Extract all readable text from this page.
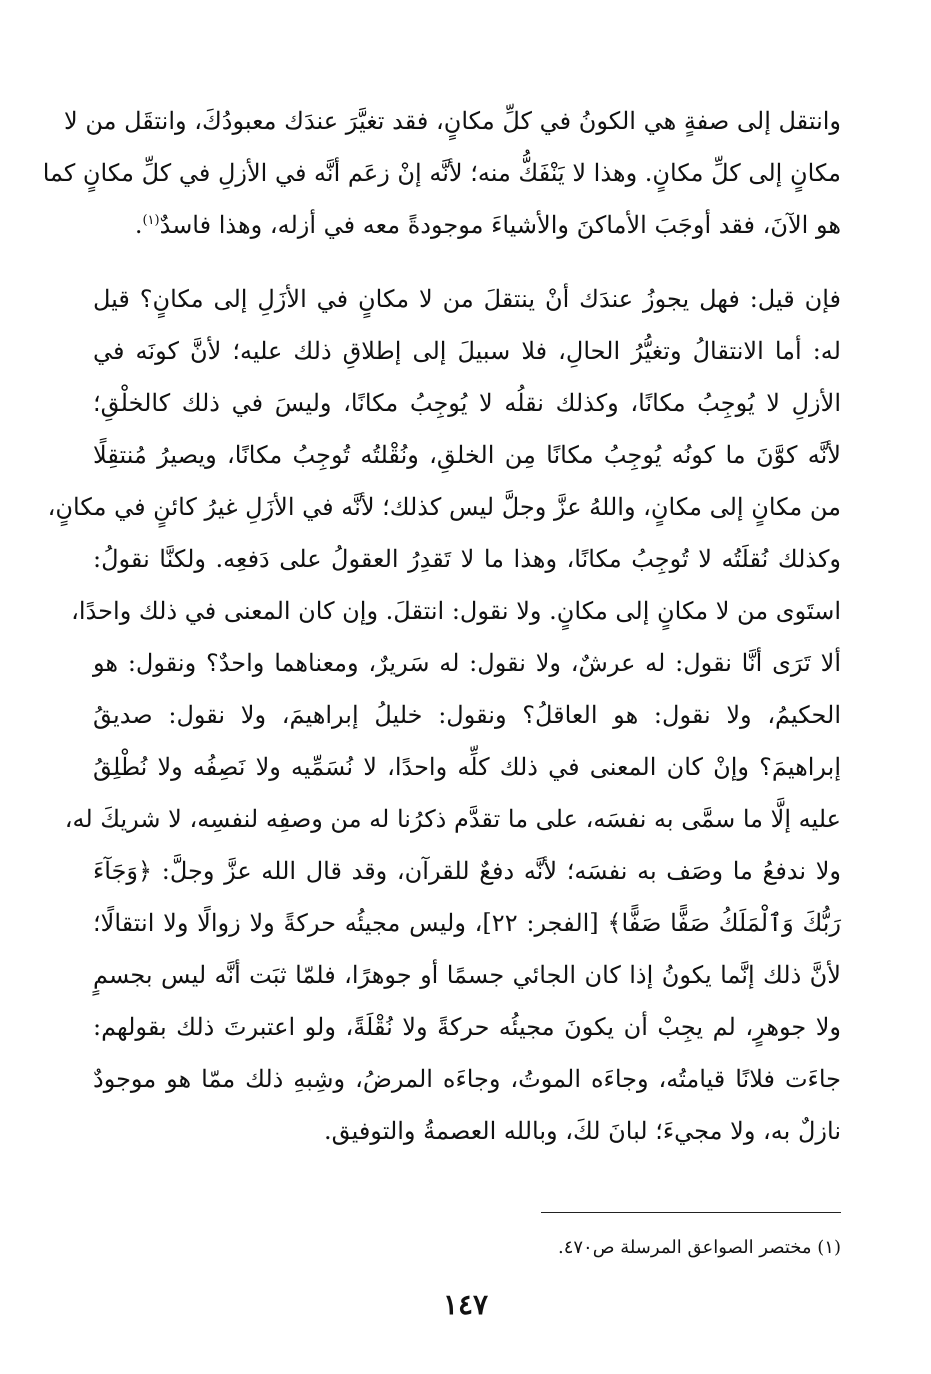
وانتقل إلى صفةٍ هي الكونُ في كلِّ مكانٍ، فقد تغيَّرَ عندَك معبودُكَ، وانتقَل من لا
مكانٍ إلى كلِّ مكانٍ. وهذا لا يَنْفَكُّ منه؛ لأنَّه إنْ زعَم أنَّه في الأزلِ في كلِّ مكانٍ كما
هو الآنَ، فقد أوجَبَ الأماكنَ والأشياءَ موجودةً معه في أزله، وهذا فاسدٌ$^{(١)}$.
فإن قيل: فهل يجوزُ عندَك أنْ ينتقلَ من لا مكانٍ في الأزَلِ إلى مكانٍ؟ قيل
له: أما الانتقالُ وتغيُّرُ الحالِ، فلا سبيلَ إلى إطلاقِ ذلك عليه؛ لأنَّ كونَه في
الأزلِ لا يُوجِبُ مكانًا، وكذلك نقلُه لا يُوجِبُ مكانًا، وليسَ في ذلك كالخلْقِ؛
لأنَّه كوَّنَ ما كونُه يُوجِبُ مكانًا مِن الخلقِ، ونُقْلتُه تُوجِبُ مكانًا، ويصيرُ مُنتقِلًا
من مكانٍ إلى مكانٍ، واللهُ عزَّ وجلَّ ليس كذلك؛ لأنَّه في الأزَلِ غيرُ كائنٍ في مكانٍ،
وكذلك نُقلَتُه لا تُوجِبُ مكانًا، وهذا ما لا تَقدِرُ العقولُ على دَفعِه. ولكنَّا نقولُ:
استَوى من لا مكانٍ إلى مكانٍ. ولا نقول: انتقلَ. وإن كان المعنى في ذلك واحدًا،
ألا تَرَى أنَّا نقول: له عرشٌ، ولا نقول: له سَريرٌ، ومعناهما واحدٌ؟ ونقول: هو
الحكيمُ، ولا نقول: هو العاقلُ؟ ونقول: خليلُ إبراهيمَ، ولا نقول: صديقُ
إبراهيمَ؟ وإنْ كان المعنى في ذلك كلِّه واحدًا، لا نُسَمِّيه ولا نَصِفُه ولا نُطْلِقُ
عليه إلَّا ما سمَّى به نفسَه، على ما تقدَّم ذكرُنا له من وصفِه لنفسِه، لا شريكَ له،
ولا ندفعُ ما وصَف به نفسَه؛ لأنَّه دفعٌ للقرآن، وقد قال الله عزَّ وجلَّ: ﴿وَجَآءَ
رَبُّكَ وَٱلْمَلَكُ صَفًّا صَفًّا﴾ [الفجر: ٢٢]، وليس مجيئُه حركةً ولا زوالًا ولا انتقالًا؛
لأنَّ ذلك إنَّما يكونُ إذا كان الجائي جسمًا أو جوهرًا، فلمّا ثبَت أنَّه ليس بجسمٍ
ولا جوهرٍ، لم يجِبْ أن يكونَ مجيئُه حركةً ولا نُقْلَةً، ولو اعتبرتَ ذلك بقولهم:
جاءَت فلانًا قيامتُه، وجاءَه الموتُ، وجاءَه المرضُ، وشِبهِ ذلك ممّا هو موجودٌ
نازلٌ به، ولا مجيءَ؛ لبانَ لكَ، وبالله العصمةُ والتوفيق.
(١) مختصر الصواعق المرسلة ص٤٧٠.
١٤٧
